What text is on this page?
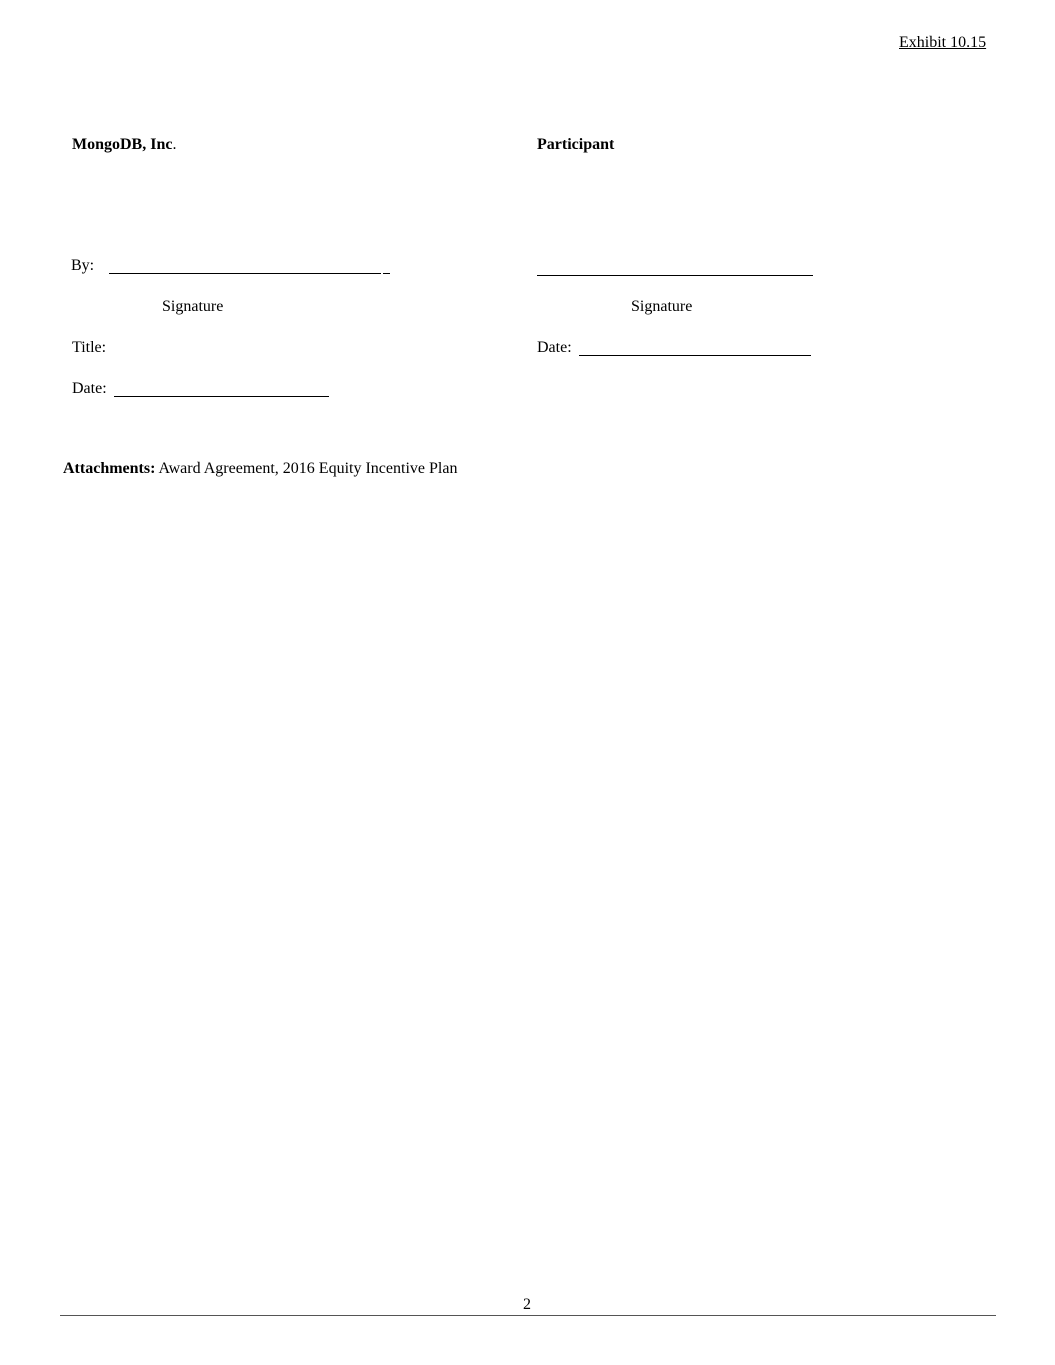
Exhibit 10.15
MongoDB, Inc.	Participant
By:
Signature	Signature
Title:	Date:
Date:
Attachments: Award Agreement, 2016 Equity Incentive Plan
2
